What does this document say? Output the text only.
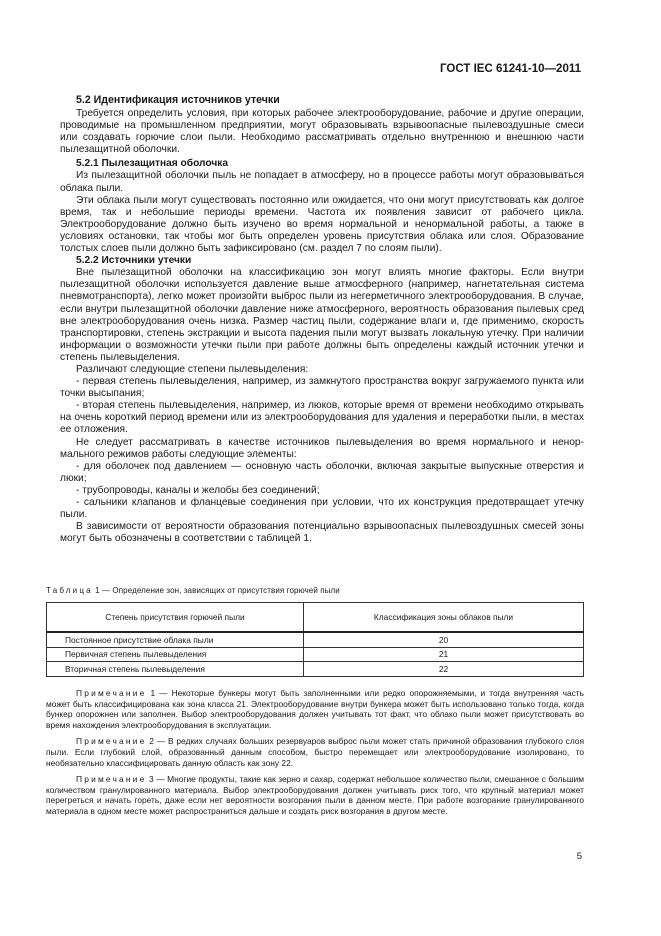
ГОСТ IEC 61241-10—2011
5.2 Идентификация источников утечки

Требуется определить условия, при которых рабочее электрооборудование, рабочие и другие операции, проводимые на промышленном предприятии, могут образовывать взрывоопасные пылевоздушные смеси или создавать горючие слои пыли. Необходимо рассматривать отдельно внутреннюю и внешнюю части пылезащитной оболочки.

5.2.1 Пылезащитная оболочка

Из пылезащитной оболочки пыль не попадает в атмосферу, но в процессе работы могут образовываться облака пыли.

Эти облака пыли могут существовать постоянно или ожидается, что они могут присутствовать как долгое время, так и небольшие периоды времени. Частота их появления зависит от рабочего цикла. Электрооборудование должно быть изучено во время нормальной и ненормальной работы, а также в условиях остановки, так чтобы мог быть определен уровень присутствия облака или слоя. Образование толстых слоев пыли должно быть зафиксировано (см. раздел 7 по слоям пыли).

5.2.2 Источники утечки

Вне пылезащитной оболочки на классификацию зон могут влиять многие факторы. Если внутри пылезащитной оболочки используется давление выше атмосферного (например, нагнетательная система пневмотранспорта), легко может произойти выброс пыли из негерметичного электрооборудования. В случае, если внутри пылезащитной оболочки давление ниже атмосферного, вероятность образования пылевых сред вне электрооборудования очень низка. Размер частиц пыли, содержание влаги и, где применимо, скорость транспортировки, степень экстракции и высота падения пыли могут вызвать локальную утечку. При наличии информации о возможности утечки пыли при работе должны быть определены каждый источник утечки и степень пылевыделения.

Различают следующие степени пылевыделения:

- первая степень пылевыделения, например, из замкнутого пространства вокруг загружаемого пункта или точки высыпания;

- вторая степень пылевыделения, например, из люков, которые время от времени необходимо открывать на очень короткий период времени или из электрооборудования для удаления и переработки пыли, в местах ее отложения.

Не следует рассматривать в качестве источников пылевыделения во время нормального и ненормального режимов работы следующие элементы:

- для оболочек под давлением — основную часть оболочки, включая закрытые выпускные отверстия и люки;

- трубопроводы, каналы и желобы без соединений;

- сальники клапанов и фланцевые соединения при условии, что их конструкция предотвращает утечку пыли.

В зависимости от вероятности образования потенциально взрывоопасных пылевоздушных смесей зоны могут быть обозначены в соответствии с таблицей 1.

Таблица 1 — Определение зон, зависящих от присутствия горючей пыли
Степень присутствия горючей пыли	Классификация зоны облаков пыли
Постоянное присутствие облака пыли	20
Первичная степень пылевыделения	21
Вторичная степень пылевыделения	22

Примечание 1 — Некоторые бункеры могут быть заполненными или редко опорожняемыми, и тогда внутренняя часть может быть классифицирована как зона класса 21. Электрооборудование внутри бункера может быть использовано только тогда, когда бункер опорожнен или заполнен. Выбор электрооборудования должен учитывать тот факт, что облако пыли может присутствовать во время нахождения электрооборудования в эксплуатации.

Примечание 2 — В редких случаях больших резервуаров выброс пыли может стать причиной образования глубокого слоя пыли. Если глубокий слой, образованный данным способом, быстро перемещает или электрооборудование изолировано, то необязательно классифицировать данную область как зону 22.

Примечание 3 — Многие продукты, такие как зерно и сахар, содержат небольшое количество пыли, смешанное с большим количеством гранулированного материала. Выбор электрооборудования должен учитывать риск того, что крупный материал может перегреться и начать гореть, даже если нет вероятности возгорания пыли в данном месте. При работе возгорание гранулированного материала в одном месте может распространиться дальше и создать риск возгорания в другом месте.

5
